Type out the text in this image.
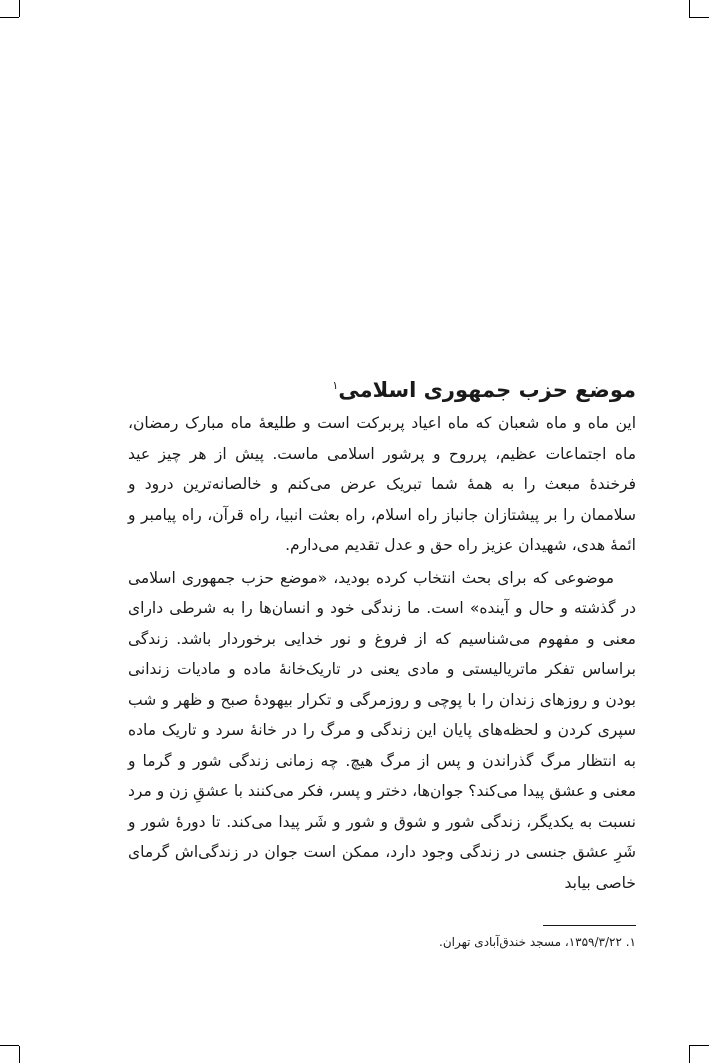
موضع حزب جمهوری اسلامی$^۱$

این ماه و ماه شعبان که ماه اعیاد پربرکت است و طلیعهٔ ماه مبارک رمضان، ماه اجتماعات عظیم، پرروح و پرشور اسلامی ماست. پیش از هر چیز عید فرخندهٔ مبعث را به همهٔ شما تبریک عرض می‌کنم و خالصانه‌ترین درود و سلاممان را بر پیشتازان جانباز راه اسلام، راه بعثت انبیا، راه قرآن، راه پیامبر و ائمهٔ هدی، شهیدان عزیز راه حق و عدل تقدیم می‌دارم.

موضوعی که برای بحث انتخاب کرده بودید، «موضع حزب جمهوری اسلامی در گذشته و حال و آینده» است. ما زندگی خود و انسان‌ها را به شرطی دارای معنی و مفهوم می‌شناسیم که از فروغ و نور خدایی برخوردار باشد. زندگی براساس تفکر ماتریالیستی و مادی یعنی در تاریک‌خانهٔ ماده و مادیات زندانی بودن و روزهای زندان را با پوچی و روزمرگی و تکرار بیهودهٔ صبح و ظهر و شب سپری کردن و لحظه‌های پایان این زندگی و مرگ را در خانهٔ سرد و تاریک ماده به انتظار مرگ گذراندن و پس از مرگ هیچ. چه زمانی زندگی شور و گرما و معنی و عشق پیدا می‌کند؟ جوان‌ها، دختر و پسر، فکر می‌کنند با عشقِ زن و مرد نسبت به یکدیگر، زندگی شور و شوق و شور و شَر پیدا می‌کند. تا دورهٔ شور و شَرِ عشق جنسی در زندگی وجود دارد، ممکن است جوان در زندگی‌اش گرمای خاصی بیابد

۱. ۱۳۵۹/۳/۲۲، مسجد خندق‌آبادی تهران.
